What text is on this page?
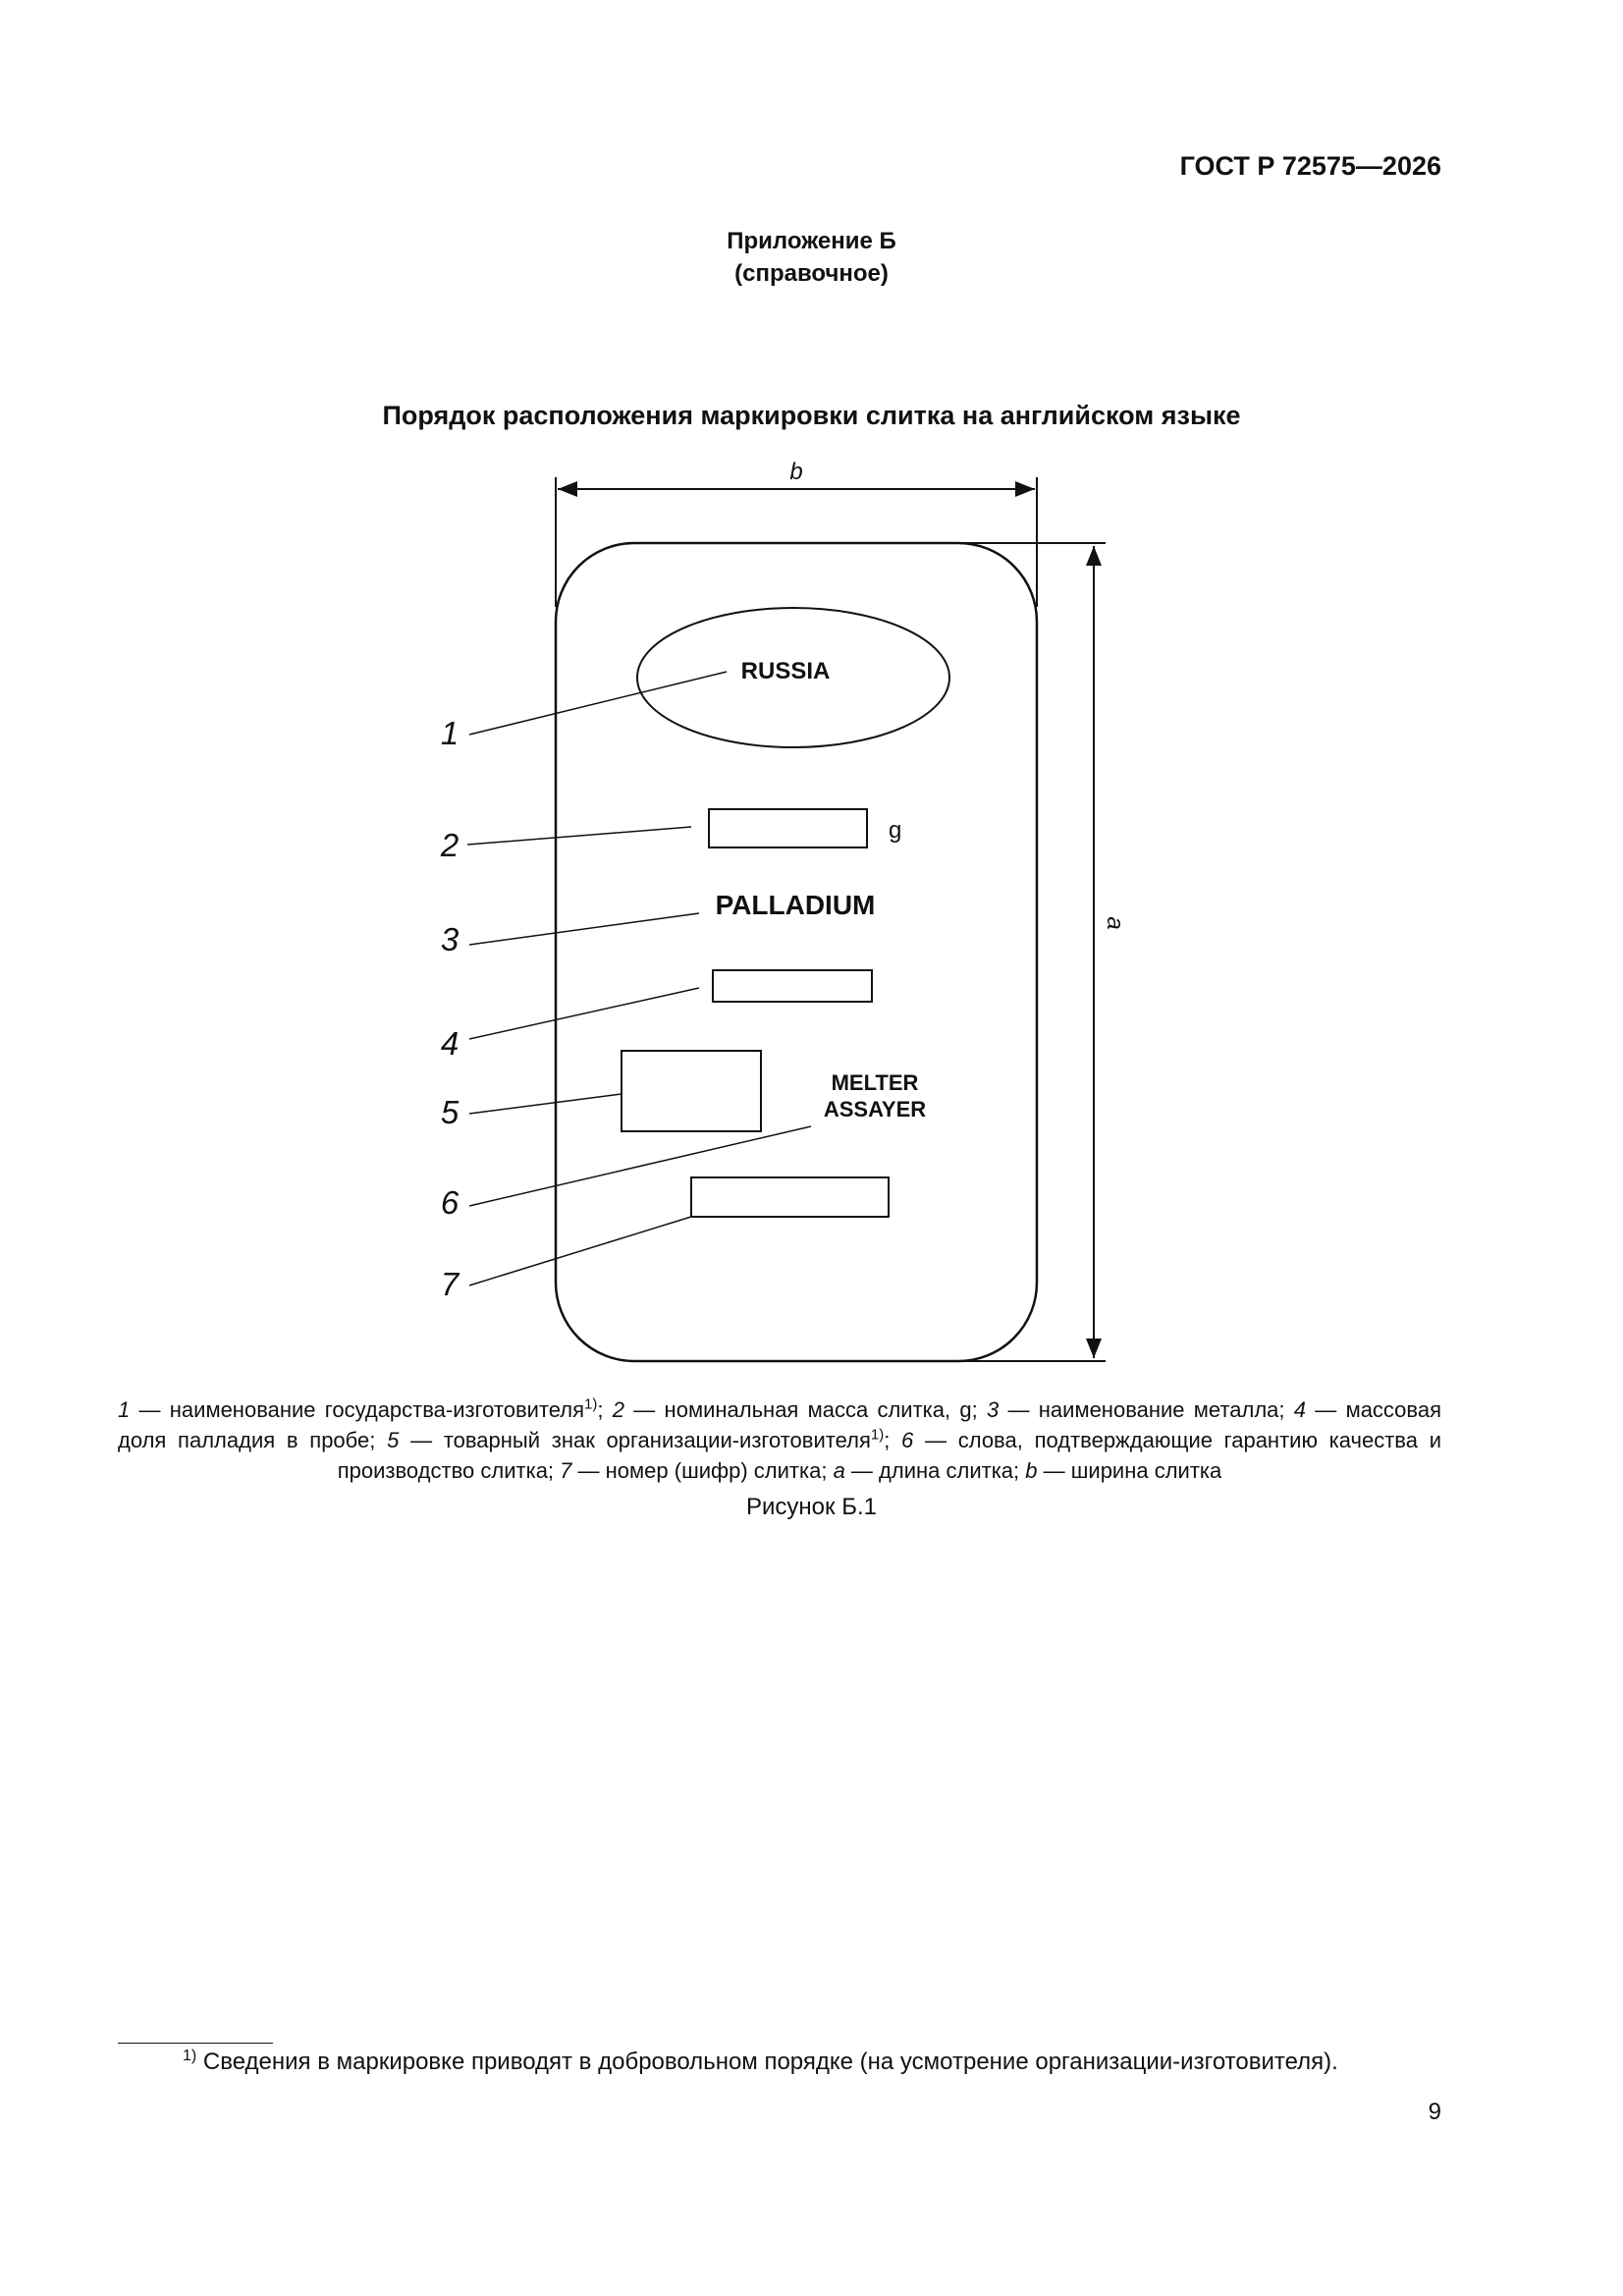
ГОСТ Р 72575—2026
Приложение Б
(справочное)
Порядок расположения маркировки слитка на английском языке
b
a
RUSSIA
g
PALLADIUM
MELTER
ASSAYER
1
2
3
4
5
6
7
1 — наименование государства-изготовителя$^{1)}$; 2 — номинальная масса слитка, g; 3 — наименование металла; 4 — массовая доля палладия в пробе; 5 — товарный знак организации-изготовителя$^{1)}$; 6 — слова, подтверждающие гарантию качества и производство слитка; 7 — номер (шифр) слитка; a — длина слитка; b — ширина слитка
Рисунок Б.1
$^{1)}$ Сведения в маркировке приводят в добровольном порядке (на усмотрение организации-изготовителя).
9
